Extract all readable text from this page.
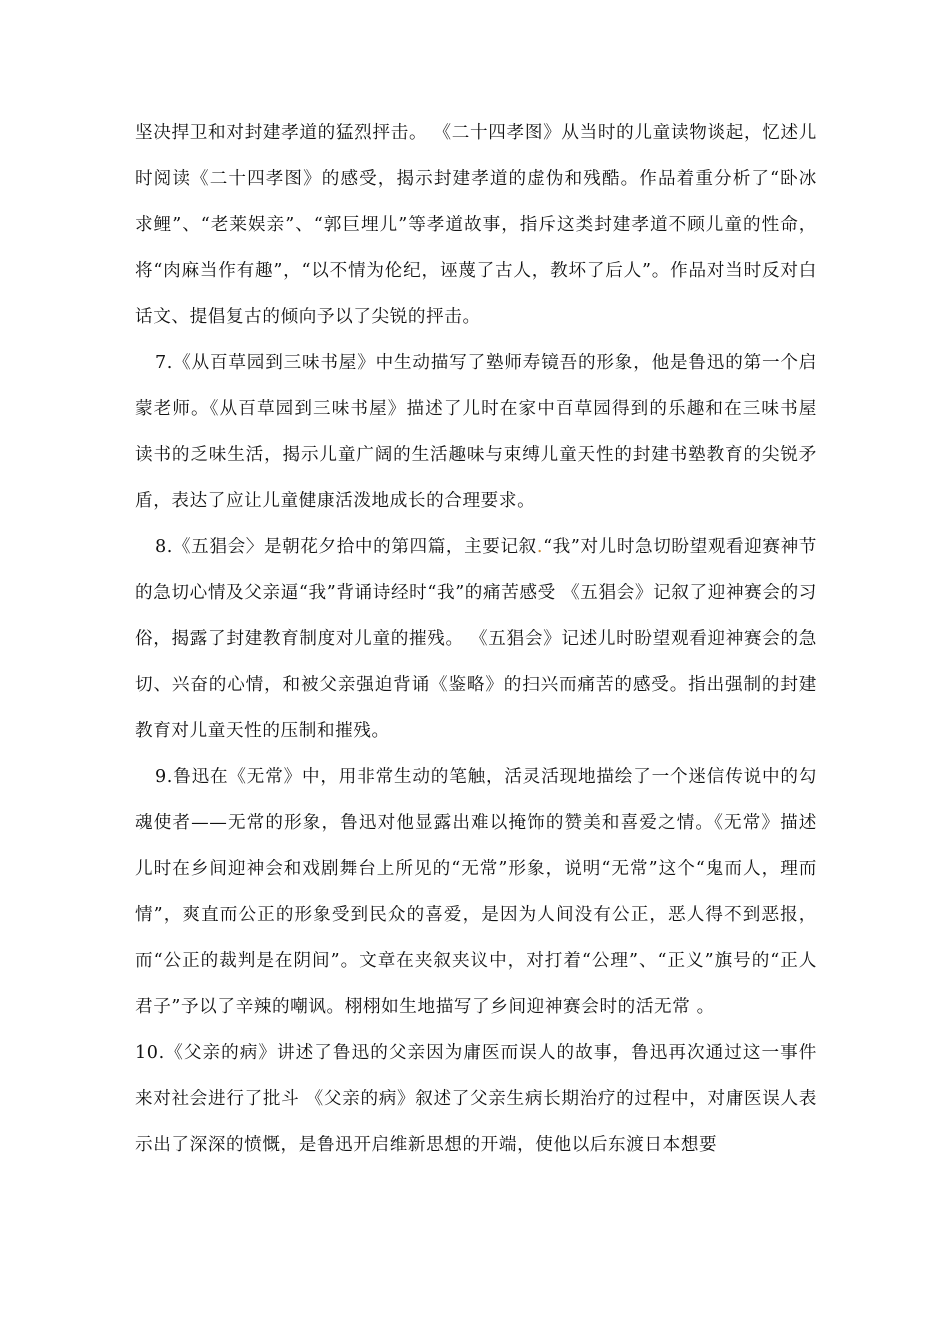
坚决捍卫和对封建孝道的猛烈抨击。 《二十四孝图》从当时的儿童读物谈起，忆述儿时阅读《二十四孝图》的感受，揭示封建孝道的虚伪和残酷。作品着重分析了“卧冰求鲤”、“老莱娱亲”、“郭巨埋儿”等孝道故事，指斥这类封建孝道不顾儿童的性命，将“肉麻当作有趣”，“以不情为伦纪，诬蔑了古人，教坏了后人”。作品对当时反对白话文、提倡复古的倾向予以了尖锐的抨击。

7.《从百草园到三味书屋》中生动描写了塾师寿镜吾的形象，他是鲁迅的第一个启蒙老师。《从百草园到三味书屋》描述了儿时在家中百草园得到的乐趣和在三味书屋读书的乏味生活，揭示儿童广阔的生活趣味与束缚儿童天性的封建书塾教育的尖锐矛盾，表达了应让儿童健康活泼地成长的合理要求。

8.《五猖会〉是朝花夕拾中的第四篇，主要记叙.“我”对儿时急切盼望观看迎赛神节的急切心情及父亲逼“我”背诵诗经时“我”的痛苦感受 《五猖会》记叙了迎神赛会的习俗，揭露了封建教育制度对儿童的摧残。 《五猖会》记述儿时盼望观看迎神赛会的急切、兴奋的心情，和被父亲强迫背诵《鉴略》的扫兴而痛苦的感受。指出强制的封建教育对儿童天性的压制和摧残。

9.鲁迅在《无常》中，用非常生动的笔触，活灵活现地描绘了一个迷信传说中的勾魂使者——无常的形象，鲁迅对他显露出难以掩饰的赞美和喜爱之情。《无常》描述儿时在乡间迎神会和戏剧舞台上所见的“无常”形象，说明“无常”这个“鬼而人，理而情”，爽直而公正的形象受到民众的喜爱，是因为人间没有公正，恶人得不到恶报，而“公正的裁判是在阴间”。文章在夹叙夹议中，对打着“公理”、“正义”旗号的“正人君子”予以了辛辣的嘲讽。栩栩如生地描写了乡间迎神赛会时的活无常 。

10.《父亲的病》讲述了鲁迅的父亲因为庸医而误人的故事，鲁迅再次通过这一事件来对社会进行了批斗 《父亲的病》叙述了父亲生病长期治疗的过程中，对庸医误人表示出了深深的愤慨，是鲁迅开启维新思想的开端，使他以后东渡日本想要
